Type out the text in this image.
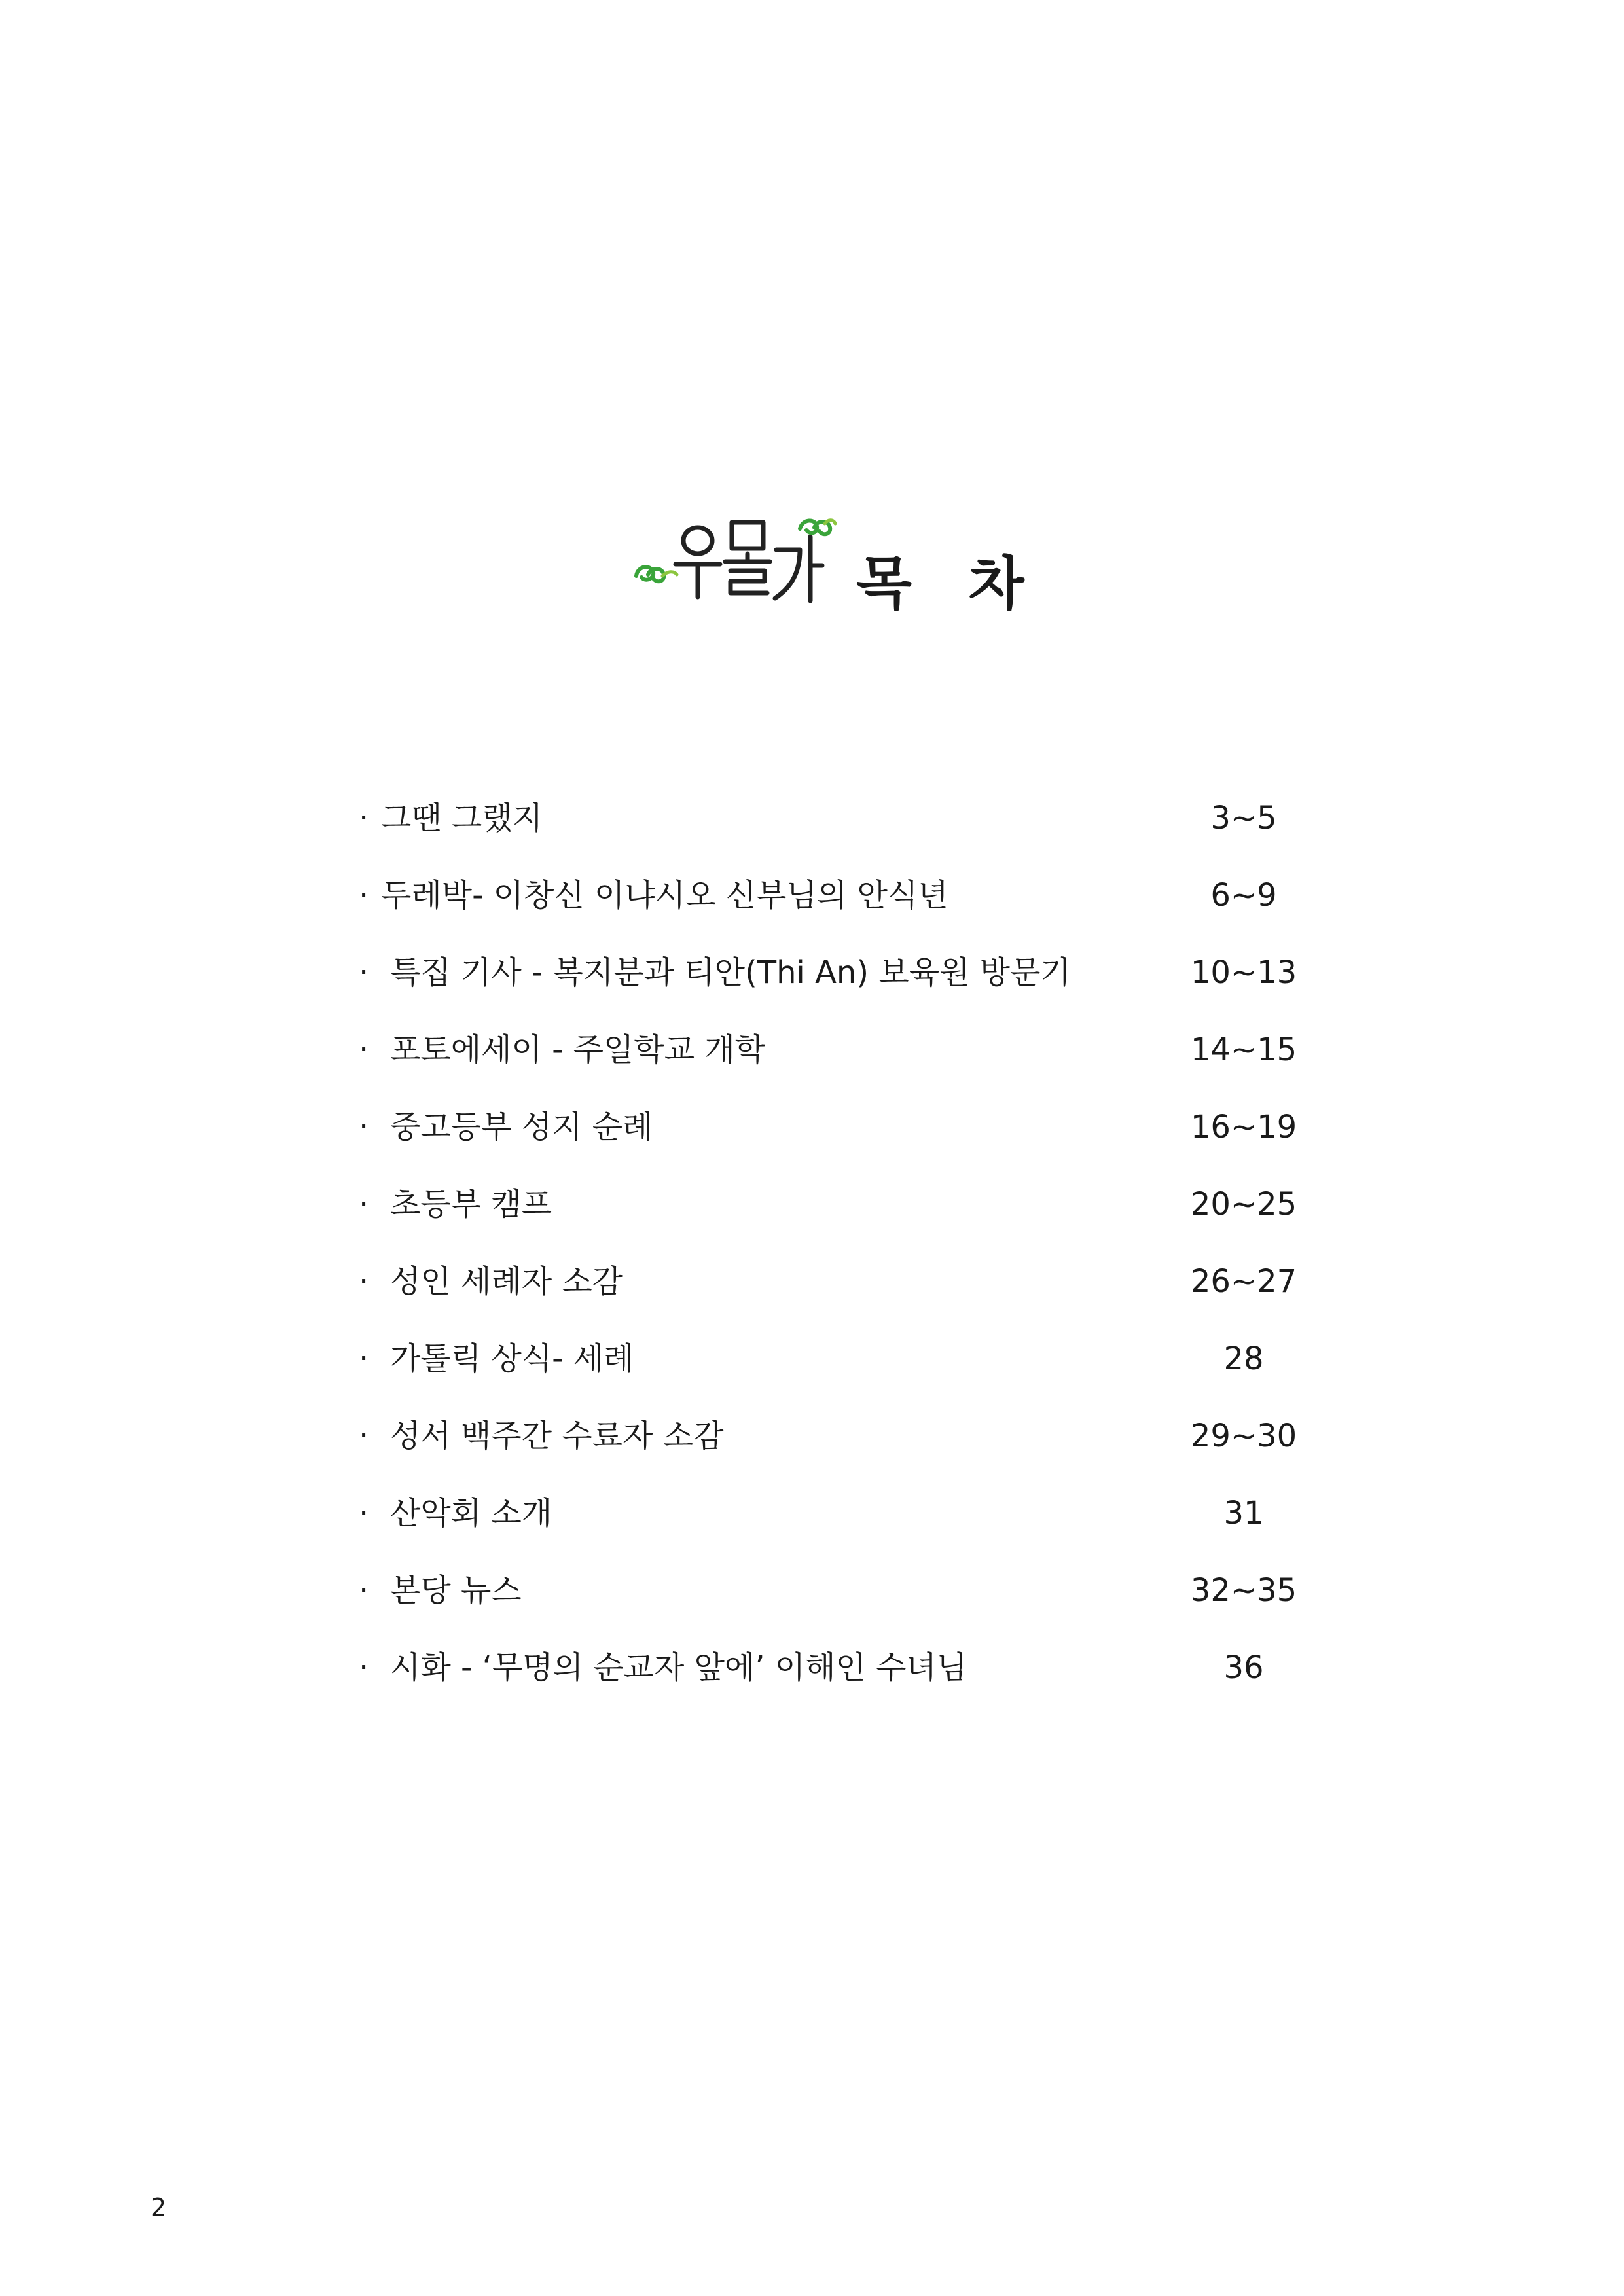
목 차
· 그땐 그랬지	3~5
· 두레박- 이창신 이냐시오 신부님의 안식년	6~9
· 특집 기사 - 복지분과 티안(Thi An) 보육원 방문기	10~13
· 포토에세이 - 주일학교 개학	14~15
· 중고등부 성지 순례	16~19
· 초등부 캠프	20~25
· 성인 세례자 소감	26~27
· 가톨릭 상식- 세례	28
· 성서 백주간 수료자 소감	29~30
· 산악회 소개	31
· 본당 뉴스	32~35
· 시화 - ‘무명의 순교자 앞에’ 이해인 수녀님	36
2
